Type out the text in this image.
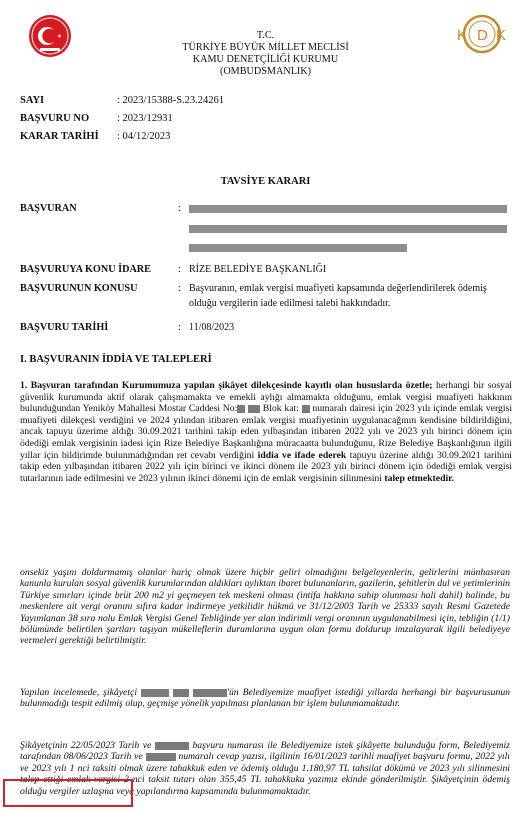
K D K
T.C.
TÜRKİYE BÜYÜK MİLLET MECLİSİ
KAMU DENETÇİLİĞİ KURUMU
(OMBUDSMANLIK)
SAYI	: 2023/15388-S.23.24261
BAŞVURU NO	: 2023/12931
KARAR TARİHİ : 04/12/2023
TAVSİYE KARARI
BAŞVURAN	:
BAŞVURUYA KONU İDARE	: RİZE BELEDİYE BAŞKANLIĞI
BAŞVURUNUN KONUSU	: Başvuranın, emlak vergisi muafiyeti kapsamında değerlendirilerek ödemiş olduğu vergilerin iade edilmesi talebi hakkındadır.
BAŞVURU TARİHİ	: 11/08/2023
I. BAŞVURANIN İDDİA VE TALEPLERİ
1. Başvuran tarafından Kurumumuza yapılan şikâyet dilekçesinde kayıtlı olan hususlarda özetle; herhangi bir sosyal güvenlik kurumunda aktif olarak çalışmamakta ve emekli aylığı almamakta olduğunu, emlak vergisi muafiyeti hakkının bulunduğundan Yeniköy Mahallesi Mostar Caddesi No:  Blok kat:  numaralı dairesi için 2023 yılı içinde emlak vergisi muafiyeti dilekçesi verdiğini ve 2024 yılından itibaren emlak vergisi muafiyetinin uygulanacağının kendisine bildirildiğini, ancak tapuyu üzerime aldığı 30.09.2021 tarihini takip eden yılbaşından itibaren 2022 yılı ve 2023 yılı birinci dönem için ödediği emlak vergisinin iadesi için Rize Belediye Başkanlığına müracaatta bulunduğunu, Rize Belediye Başkanlığının ilgili yıllar için bildirimde bulunmadığından ret cevabı verdiğini iddia ve ifade ederek tapuyu üzerine aldığı 30.09.2021 tarihini takip eden yılbaşından itibaren 2022 yılı için birinci ve ikinci dönem ile 2023 yılı birinci dönem için ödediği emlak vergisi tutarlarının iade edilmesini ve 2023 yılının ikinci dönemi için de emlak vergisinin silinmesini talep etmektedir.
onsekiz yaşını doldurmamış olanlar hariç olmak üzere hiçbir geliri olmadığını belgeleyenlerin, gelirlerini münhasıran kanunla kurulan sosyal güvenlik kurumlarından aldıkları aylıktan ibaret bulunanların, gazilerin, şehitlerin dul ve yetimlerinin Türkiye sınırları içinde brüt 200 m2 yi geçmeyen tek meskeni olması (intifa hakkına sahip olunması hali dahil) halinde, bu meskenlere ait vergi oranını sıfıra kadar indirmeye yetkilidir hükmü ve 31/12/2003 Tarih ve 25333 sayılı Resmi Gazetede Yayımlanan 38 sıra nolu Emlak Vergisi Genel Tebliğinde yer alan indirimli vergi oranının uygulanabilmesi için, tebliğin (1/1) bölümünde belirtilen şartları taşıyan mükelleflerin durumlarına uygun olan formu doldurup imzalayarak ilgili belediyeye vermeleri gerektiği belirtilmiştir.
Yapılan incelemede, şikâyetçi	'ün Belediyemize muafiyet istediği yıllarda herhangi bir başvurusunun bulunmadığı tespit edilmiş olup, geçmişe yönelik yapılması planlanan bir işlem bulunmamaktadır.
Şikâyetçinin 22/05/2023 Tarih ve	başvuru numarası ile Belediyemize istek şikâyette bulunduğu form, Belediyemiz tarafından 08/06/2023 Tarih ve	numaralı cevap yazısı, ilgilinin 16/01/2023 tarihli muafiyet başvuru formu, 2022 yılı ve 2023 yılı 1 nci taksiti olmak üzere tahakkuk eden ve ödemiş olduğu 1.180,97 TL tahsilat dökümü ve 2023 yılı silinmesini talep ettiği emlak vergisi 2 nci taksit tutarı olan 355,45 TL tahakkuku yazımız ekinde gönderilmiştir. Şikâyetçinin ödemiş olduğu vergiler uzlaşma veya yapılandırma kapsamında bulunmamaktadır.
